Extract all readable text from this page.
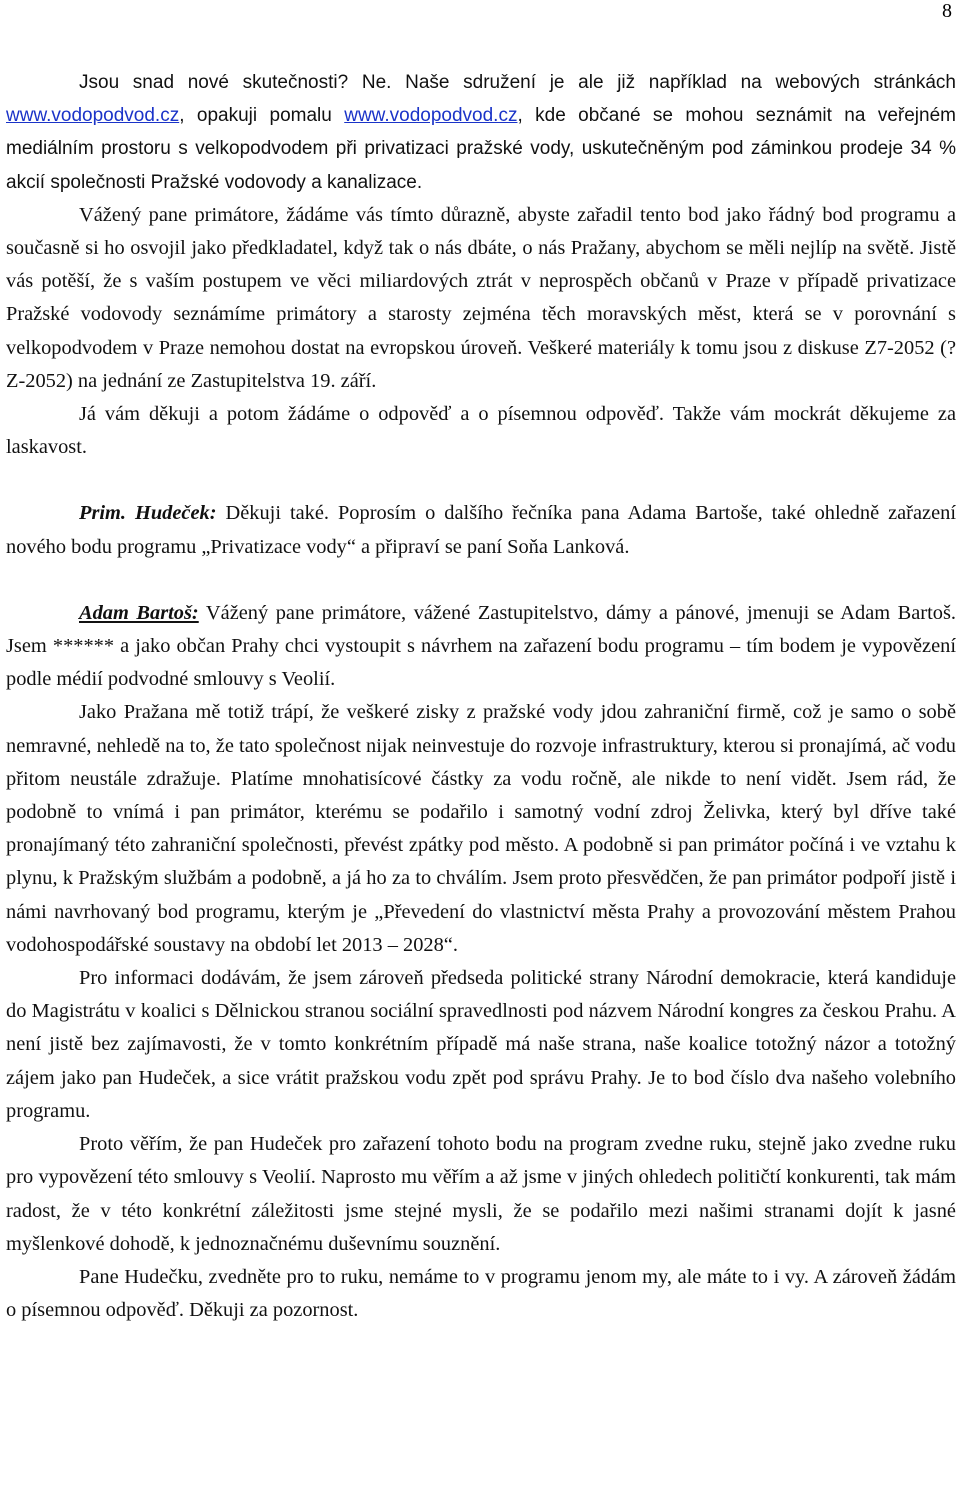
8

Jsou snad nové skutečnosti? Ne. Naše sdružení je ale již například na webových stránkách www.vodopodvod.cz, opakuji pomalu www.vodopodvod.cz, kde občané se mohou seznámit na veřejném mediálním prostoru s velkopodvodem při privatizaci pražské vody, uskutečněným pod záminkou prodeje 34 % akcií společnosti Pražské vodovody a kanalizace.

Vážený pane primátore, žádáme vás tímto důrazně, abyste zařadil tento bod jako řádný bod programu a současně si ho osvojil jako předkladatel, když tak o nás dbáte, o nás Pražany, abychom se měli nejlíp na světě. Jistě vás potěší, že s vaším postupem ve věci miliardových ztrát v neprospěch občanů v Praze v případě privatizace Pražské vodovody seznámíme primátory a starosty zejména těch moravských měst, která se v porovnání s velkopodvodem v Praze nemohou dostat na evropskou úroveň. Veškeré materiály k tomu jsou z diskuse Z7-2052 (?Z-2052) na jednání ze Zastupitelstva 19. září.

Já vám děkuji a potom žádáme o odpověď a o písemnou odpověď. Takže vám mockrát děkujeme za laskavost.

Prim. Hudeček: Děkuji také. Poprosím o dalšího řečníka pana Adama Bartoše, také ohledně zařazení nového bodu programu „Privatizace vody“ a připraví se paní Soňa Lanková.

Adam Bartoš: Vážený pane primátore, vážené Zastupitelstvo, dámy a pánové, jmenuji se Adam Bartoš. Jsem ****** a jako občan Prahy chci vystoupit s návrhem na zařazení bodu programu – tím bodem je vypovězení podle médií podvodné smlouvy s Veolií.

Jako Pražana mě totiž trápí, že veškeré zisky z pražské vody jdou zahraniční firmě, což je samo o sobě nemravné, nehledě na to, že tato společnost nijak neinvestuje do rozvoje infrastruktury, kterou si pronajímá, ač vodu přitom neustále zdražuje. Platíme mnohatisícové částky za vodu ročně, ale nikde to není vidět. Jsem rád, že podobně to vnímá i pan primátor, kterému se podařilo i samotný vodní zdroj Želivka, který byl dříve také pronajímaný této zahraniční společnosti, převést zpátky pod město. A podobně si pan primátor počíná i ve vztahu k plynu, k Pražským službám a podobně, a já ho za to chválím. Jsem proto přesvědčen, že pan primátor podpoří jistě i námi navrhovaný bod programu, kterým je „Převedení do vlastnictví města Prahy a provozování městem Prahou vodohospodářské soustavy na období let 2013 – 2028“.

Pro informaci dodávám, že jsem zároveň předseda politické strany Národní demokracie, která kandiduje do Magistrátu v koalici s Dělnickou stranou sociální spravedlnosti pod názvem Národní kongres za českou Prahu. A není jistě bez zajímavosti, že v tomto konkrétním případě má naše strana, naše koalice totožný názor a totožný zájem jako pan Hudeček, a sice vrátit pražskou vodu zpět pod správu Prahy. Je to bod číslo dva našeho volebního programu.

Proto věřím, že pan Hudeček pro zařazení tohoto bodu na program zvedne ruku, stejně jako zvedne ruku pro vypovězení této smlouvy s Veolií. Naprosto mu věřím a až jsme v jiných ohledech političtí konkurenti, tak mám radost, že v této konkrétní záležitosti jsme stejné mysli, že se podařilo mezi našimi stranami dojít k jasné myšlenkové dohodě, k jednoznačnému duševnímu souznění.

Pane Hudečku, zvedněte pro to ruku, nemáme to v programu jenom my, ale máte to i vy. A zároveň žádám o písemnou odpověď. Děkuji za pozornost.
